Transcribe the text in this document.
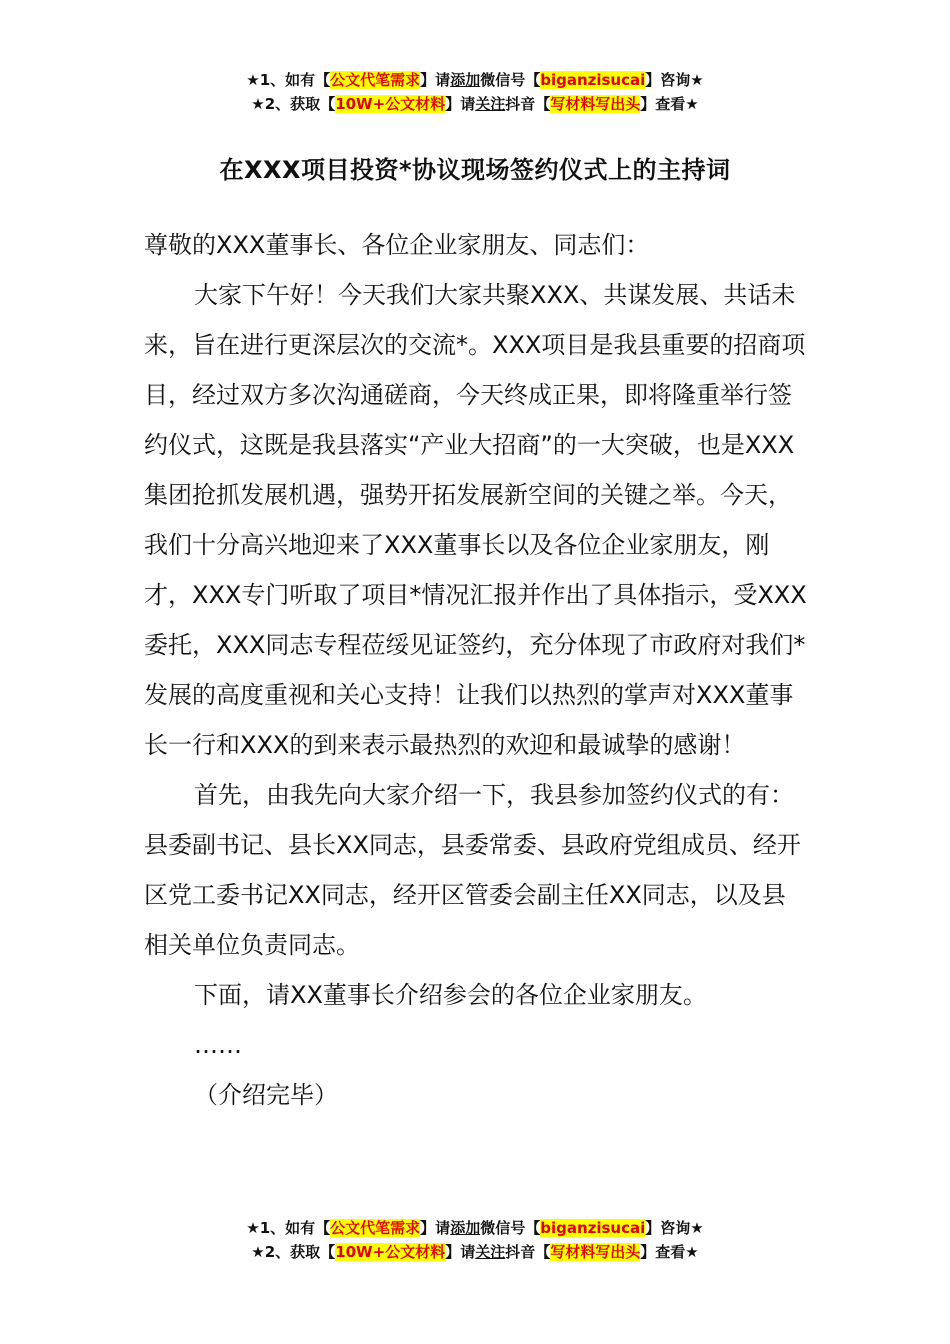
★1、如有【公文代笔需求】请添加微信号【biganzisucai】咨询★
★2、获取【10W+公文材料】请关注抖音【写材料写出头】查看★
在XXX项目投资*协议现场签约仪式上的主持词

尊敬的XXX董事长、各位企业家朋友、同志们：

大家下午好！今天我们大家共聚XXX、共谋发展、共话未来，旨在进行更深层次的交流*。XXX项目是我县重要的招商项目，经过双方多次沟通磋商，今天终成正果，即将隆重举行签约仪式，这既是我县落实“产业大招商”的一大突破，也是XXX集团抢抓发展机遇，强势开拓发展新空间的关键之举。今天，我们十分高兴地迎来了XXX董事长以及各位企业家朋友，刚才，XXX专门听取了项目*情况汇报并作出了具体指示，受XXX委托，XXX同志专程莅绥见证签约，充分体现了市政府对我们*发展的高度重视和关心支持！让我们以热烈的掌声对XXX董事长一行和XXX的到来表示最热烈的欢迎和最诚挚的感谢！

首先，由我先向大家介绍一下，我县参加签约仪式的有：县委副书记、县长XX同志，县委常委、县政府党组成员、经开区党工委书记XX同志，经开区管委会副主任XX同志，以及县相关单位负责同志。

下面，请XX董事长介绍参会的各位企业家朋友。

……

（介绍完毕）

★1、如有【公文代笔需求】请添加微信号【biganzisucai】咨询★
★2、获取【10W+公文材料】请关注抖音【写材料写出头】查看★
